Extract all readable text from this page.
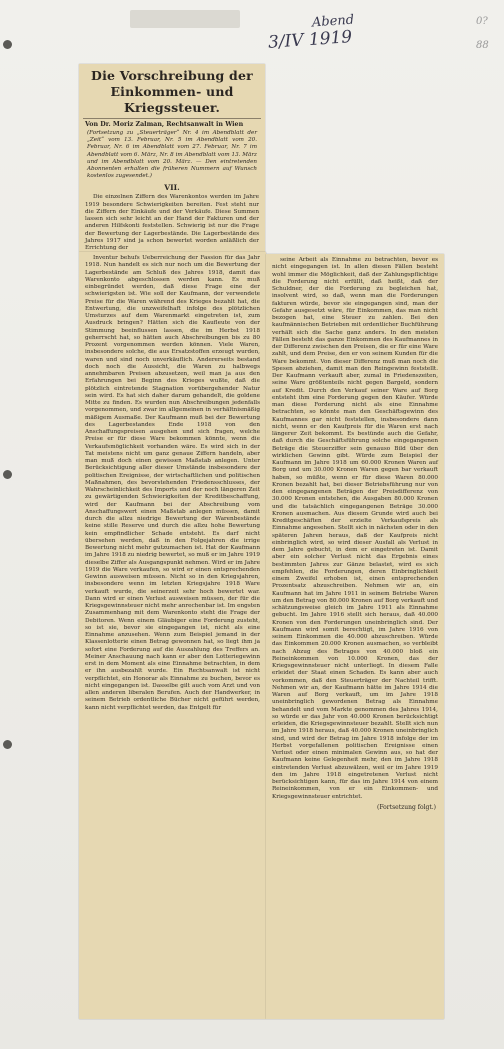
Abend
3/IV 1919
0?
88
Die Vorschreibung der Einkommen- und Kriegssteuer.
Von Dr. Moriz Zalman, Rechtsanwalt in Wien
(Fortsetzung zu „Steuerträger“ Nr. 4 im Abendblatt der „Zeit“ vom 13. Februar, Nr. 5 im Abendblatt vom 20. Februar, Nr. 6 im Abendblatt vom 27. Februar, Nr. 7 im Abendblatt vom 6. März, Nr. 8 im Abendblatt vom 13. März und im Abendblatt vom 20. März. — Den eintretenden Abonnenten erhalten die früheren Nummern auf Wunsch kostenlos zugesendet.)
VII.
Die einzelnen Ziffern des Warenkontos werden im Jahre 1919 besondere Schwierigkeiten bereiten. Fest steht nur die Ziffern der Einkäufe und der Verkäufe. Diese Summen lassen sich sehr leicht an der Hand der Fakturen und der anderen Hilfskonti feststellen. Schwierig ist nur die Frage der Bewertung der Lagerbestände. Die Lagerbestände des Jahres 1917 sind ja schon bewertet worden anläßlich der Errichtung der
Inventur behufs Ueberreichung der Fassion für das Jahr 1918. Nun handelt es sich nur noch um die Bewertung der Lagerbestände am Schluß des Jahres 1918, damit das Warenkonto abgeschlossen werden kann. Es muß einbegründet werden, daß diese Frage eine der schwierigsten ist. Wie soll der Kaufmann, der verwendete Preise für die Waren während des Krieges bezahlt hat, die Entwertung, die unzweifelhaft infolge des plötzlichen Umsturzes auf dem Warenmarkt eingetreten ist, zum Ausdruck bringen? Hätten sich die Kaufleute von der Stimmung beeinflussen lassen, die im Herbst 1918 geherrscht hat, so hätten auch Abschreibungen bis zu 80 Prozent vorgenommen werden können. Viele Waren, insbesondere solche, die aus Ersatzstoffen erzeugt wurden, waren und sind noch unverkäuflich. Andererseits bestand doch noch die Aussicht, die Waren zu halbwegs annehmbaren Preisen abzusetzen, weil man ja aus den Erfahrungen bei Beginn des Krieges wußte, daß die plötzlich eintretende Stagnation vorübergehender Natur sein wird. Es hat sich daher darum gehandelt, die goldene Mitte zu finden. Es wurden nun Abschreibungen jedenfalls vorgenommen, und zwar im allgemeinen in verhältnismäßig mäßigem Ausmaße. Der Kaufmann muß bei der Bewertung des Lagerbestandes Ende 1918 von den Anschaffungspreisen ausgehen und sich fragen, welche Preise er für diese Ware bekommen könnte, wenn die Verkaufsmöglichkeit vorhanden wäre. Es wird sich in der Tat meistens nicht um ganz genaue Ziffern handeln, aber man muß doch einen gewissen Maßstab anlegen. Unter Berücksichtigung aller dieser Umstände insbesondere der politischen Ereignisse, der wirtschaftlichen und politischen Maßnahmen, des bevorstehenden Friedensschlusses, der Wahrscheinlichkeit des Imports und der noch längeren Zeit zu gewärtigenden Schwierigkeiten der Kreditbeschaffung, wird der Kaufmann bei der Abschreibung vom Anschaffungswert einen Maßstab anlegen müssen, damit durch die allzu niedrige Bewertung der Warenbestände keine stille Reserve und durch die allzu hohe Bewertung kein empfindlicher Schade entsteht. Es darf nicht übersehen werden, daß in den Folgejahren die irrige Bewertung nicht mehr gutzumachen ist. Hat der Kaufmann im Jahre 1918 zu niedrig bewertet, so muß er im Jahre 1919 dieselbe Ziffer als Ausgangspunkt nehmen. Wird er im Jahre 1919 die Ware verkaufen, so wird er einen entsprechenden Gewinn ausweisen müssen. Nicht so in den Kriegsjahren, insbesondere wenn im letzten Kriegsjahre 1918 Ware verkauft wurde, die seinerzeit sehr hoch bewertet war. Dann wird er einen Verlust ausweisen müssen, der für die Kriegsgewinnsteuer nicht mehr anrechenbar ist. Im engsten Zusammenhang mit dem Warenkonto steht die Frage der Debitoren. Wenn einem Gläubiger eine Forderung zusteht, so ist sie, bevor sie eingegangen ist, nicht als eine Einnahme anzusehen. Wenn zum Beispiel jemand in der Klassenlotterie einen Betrag gewonnen hat, so liegt ihm ja sofort eine Forderung auf die Auszahlung des Treffers an. Meiner Anschauung nach kann er aber den Lotteriegewinn erst in dem Moment als eine Einnahme betrachten, in dem er ihn ausbezahlt wurde. Ein Rechtsanwalt ist nicht verpflichtet, ein Honorar als Einnahme zu buchen, bevor es nicht eingegangen ist. Dasselbe gilt auch vom Arzt und von allen anderen liberalen Berufen. Auch der Handwerker, in seinem Betrieb ordentliche Bücher nicht geführt werden, kann nicht verpflichtet werden, das Entgelt für
seine Arbeit als Einnahme zu betrachten, bevor es nicht eingegangen ist. In allen diesen Fällen besteht wohl immer die Möglichkeit, daß der Zahlungspflichtige die Forderung nicht erfüllt, daß heißt, daß der Schuldner, der die Forderung zu begleichen hat, insolvent wird, so daß, wenn man die Forderungen fakturen würde, bevor sie eingegangen sind, man der Gefahr ausgesetzt wäre, für Einkommen, das man nicht bezogen hat, eine Steuer zu zahlen. Bei den kaufmännischen Betrieben mit ordentlicher Buchführung verhält sich die Sache ganz anders. In den meisten Fällen besteht das ganze Einkommen des Kaufmannes in der Differenz zwischen den Preisen, die er für eine Ware zahlt, und dem Preise, den er von seinem Kunden für die Ware bekommt. Von dieser Differenz muß man noch die Spesen abziehen, damit man den Reingewinn feststellt. Der Kaufmann verkauft aber, zumal in Friedenszeiten, seine Ware größtenteils nicht gegen Bargeld, sondern auf Kredit. Durch den Verkauf seiner Ware auf Borg entsteht ihm eine Forderung gegen den Käufer. Würde man diese Forderung nicht als eine Einnahme betrachten, so könnte man den Geschäftsgewinn des Kaufmannes gar nicht feststellen, insbesondere dann nicht, wenn er den Kaufpreis für die Waren erst nach längerer Zeit bekommt. Es bestünde auch die Gefahr, daß durch die Geschäftsführung solche eingegangenen Beträge die Steuerziffer sein genauso Bild über den wirklichen Gewinn gibt. Würde zum Beispiel der Kaufmann im Jahre 1918 um 60.000 Kronen Waren auf Borg und um 30.000 Kronen Waren gegen bar verkauft haben, so müßte, wenn er für diese Waren 80.000 Kronen bezahlt hat, bei dieser Betriebsführung nur von den eingegangenen Beträgen der Preisdifferenz von 30.000 Kronen entstehen, die Ausgaben 80.000 Kronen und die tatsächlich eingegangenen Beträge 30.000 Kronen ausmachen. Aus diesem Grunde wird auch bei Kreditgeschäften der erzielte Verkaufspreis als Einnahme angesehen. Stellt sich in nächsten oder in den späteren Jahren heraus, daß der Kaufpreis nicht einbringlich wird, so wird dieser Ausfall als Verlust in dem Jahre gebucht, in dem er eingetreten ist. Damit aber ein solcher Verlust nicht das Ergebnis eines bestimmten Jahres zur Gänze belastet, wird es sich empfehlen, die Forderungen, deren Einbringlichkeit einem Zweifel erhoben ist, einen entsprechenden Prozentsatz abzuschreiben. Nehmen wir an, ein Kaufmann hat im Jahre 1911 in seinem Betriebe Waren um den Betrag von 80.000 Kronen auf Borg verkauft und schätzungsweise gleich im Jahre 1911 als Einnahme gebucht. Im Jahre 1916 stellt sich heraus, daß 40.000 Kronen von den Forderungen uneinbringlich sind. Der Kaufmann wird somit berechtigt, im Jahre 1916 von seinem Einkommen die 40.000 abzuschreiben. Würde das Einkommen 20.000 Kronen ausmachen, so verbleibt nach Abzug des Betrages von 40.000 bloß ein Reineinkommen von 10.000 Kronen, das der Kriegsgewinnsteuer nicht unterliegt. In diesem Falle erleidet der Staat einen Schaden. Es kann aber auch vorkommen, daß den Steuerträger der Nachteil trifft. Nehmen wir an, der Kaufmann hätte im Jahre 1914 die Waren auf Borg verkauft, um im Jahre 1918 uneinbringlich gewordenen Betrag als Einnahme behandelt und vom Markte genommen des Jahres 1914, so würde er das Jahr von 40.000 Kronen berücksichtigt erleiden, die Kriegsgewinnsteuer bezahlt. Stellt sich nun im Jahre 1918 heraus, daß 40.000 Kronen uneinbringlich sind, und wird der Betrag im Jahre 1918 infolge der im Herbst vorgefallenen politischen Ereignisse einen Verlust oder einen minimalen Gewinn aus, so hat der Kaufmann keine Gelegenheit mehr, den im Jahre 1918 eintretenden Verlust abzuwälzen, weil er im Jahre 1919 den im Jahre 1918 eingetretenen Verlust nicht berücksichtigen kann, für das im Jahre 1914 von einem Reineinkommen, von er ein Einkommen- und Kriegsgewinnsteuer entrichtet.
(Fortsetzung folgt.)
